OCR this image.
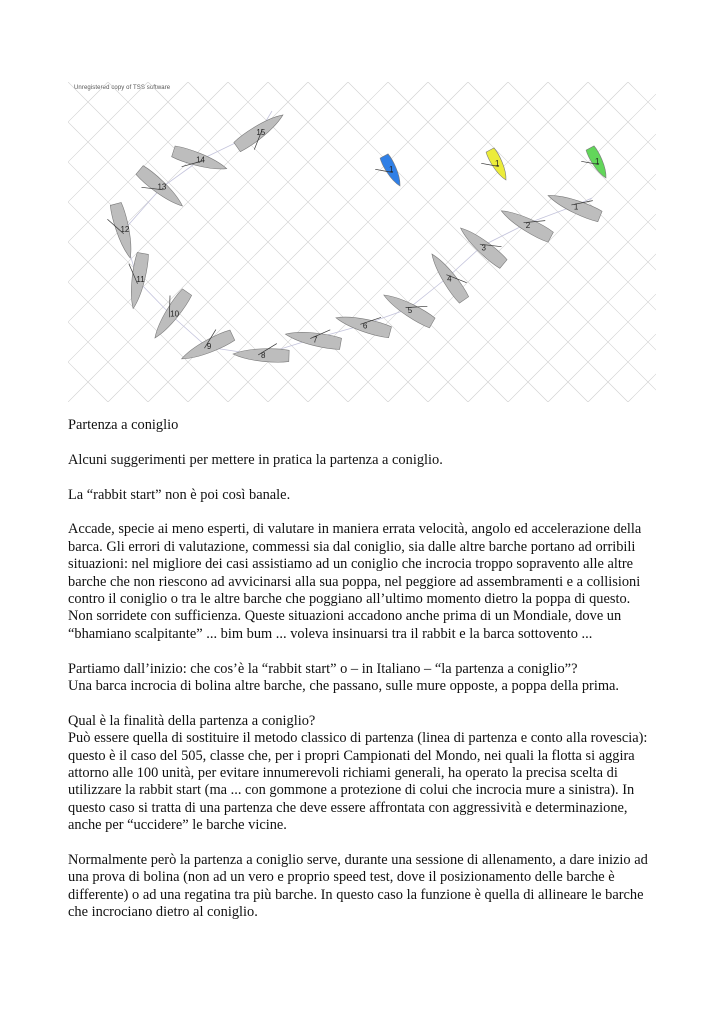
Unregistered copy of TSS software
1
2
3
4
5
6
7
8
9
10
11
12
13
14
15
1
1	1

Partenza a coniglio

Alcuni suggerimenti per mettere in pratica la partenza a coniglio.

La “rabbit start” non è poi così banale.

Accade, specie ai meno esperti, di valutare in maniera errata velocità, angolo ed accelerazione della barca. Gli errori di valutazione, commessi sia dal coniglio, sia dalle altre barche portano ad orribili situazioni: nel migliore dei casi assistiamo ad un coniglio che incrocia troppo sopravento alle altre barche che non riescono ad avvicinarsi alla sua poppa, nel peggiore ad assembramenti e a collisioni contro il coniglio o tra le altre barche che poggiano all’ultimo momento dietro la poppa di questo. Non sorridete con sufficienza. Queste situazioni accadono anche prima di un Mondiale, dove un “bhamiano scalpitante” ... bim bum ... voleva insinuarsi tra il rabbit e la barca sottovento ...

Partiamo dall’inizio: che cos’è la “rabbit start” o – in Italiano – “la partenza a coniglio”?
Una barca incrocia di bolina altre barche, che passano, sulle mure opposte, a poppa della prima.

Qual è la finalità della partenza a coniglio?
Può essere quella di sostituire il metodo classico di partenza (linea di partenza e conto alla rovescia): questo è il caso del 505, classe che, per i propri Campionati del Mondo, nei quali la flotta si aggira attorno alle 100 unità, per evitare innumerevoli richiami generali, ha operato la precisa scelta di utilizzare la rabbit start (ma ... con gommone a protezione di colui che incrocia mure a sinistra). In questo caso si tratta di una partenza che deve essere affrontata con aggressività e determinazione, anche per “uccidere” le barche vicine.

Normalmente però la partenza a coniglio serve, durante una sessione di allenamento, a dare inizio ad una prova di bolina (non ad un vero e proprio speed test, dove il posizionamento delle barche è differente) o ad una regatina tra più barche. In questo caso la funzione è quella di allineare le barche che incrociano dietro al coniglio.
